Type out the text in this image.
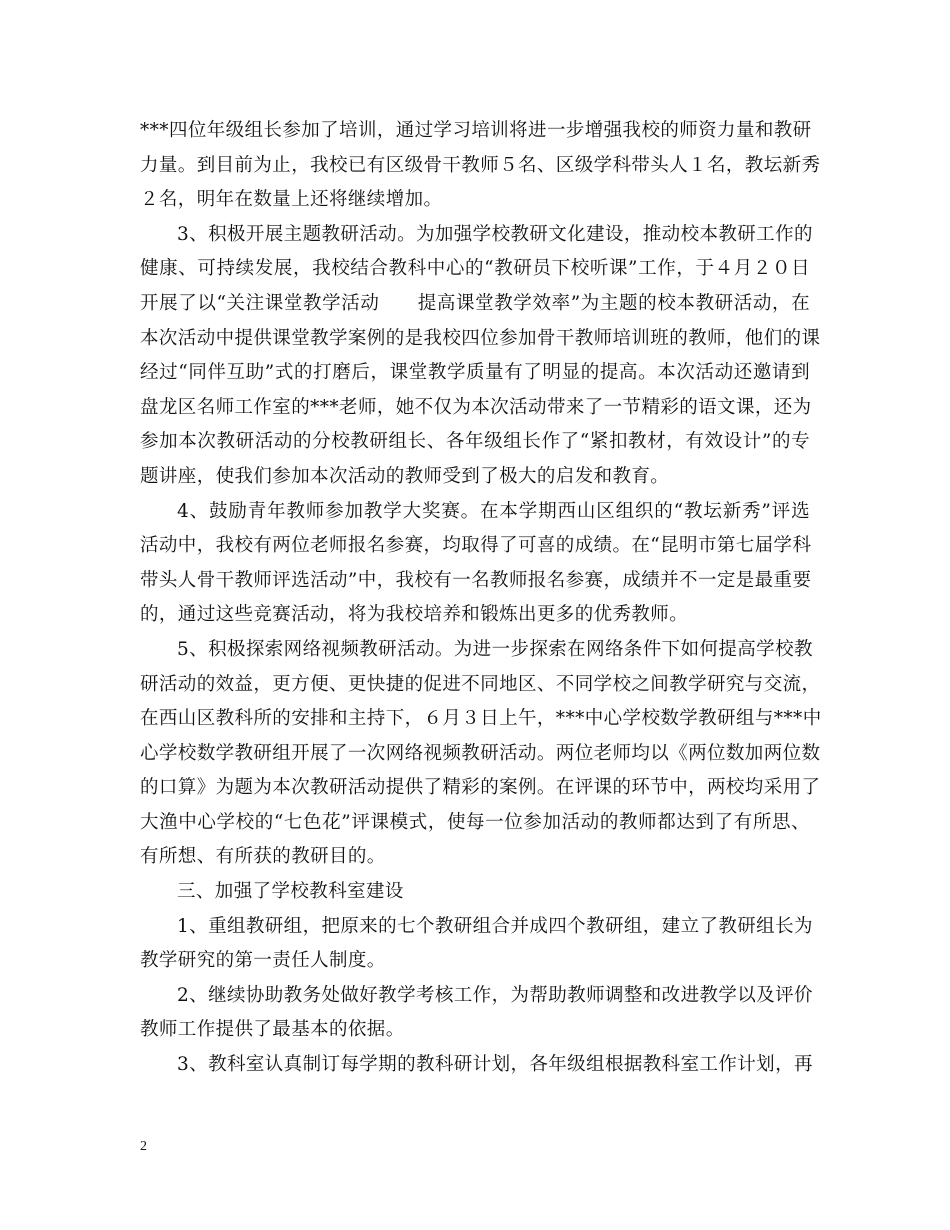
***四位年级组长参加了培训，通过学习培训将进一步增强我校的师资力量和教研
力量。到目前为止，我校已有区级骨干教师５名、区级学科带头人１名，教坛新秀
２名，明年在数量上还将继续增加。
3、积极开展主题教研活动。为加强学校教研文化建设，推动校本教研工作的
健康、可持续发展，我校结合教科中心的“教研员下校听课”工作，于４月２０日
开展了以“关注课堂教学活动　　提高课堂教学效率”为主题的校本教研活动，在
本次活动中提供课堂教学案例的是我校四位参加骨干教师培训班的教师，他们的课
经过“同伴互助”式的打磨后，课堂教学质量有了明显的提高。本次活动还邀请到
盘龙区名师工作室的***老师，她不仅为本次活动带来了一节精彩的语文课，还为
参加本次教研活动的分校教研组长、各年级组长作了“紧扣教材，有效设计”的专
题讲座，使我们参加本次活动的教师受到了极大的启发和教育。
4、鼓励青年教师参加教学大奖赛。在本学期西山区组织的“教坛新秀”评选
活动中，我校有两位老师报名参赛，均取得了可喜的成绩。在“昆明市第七届学科
带头人骨干教师评选活动”中，我校有一名教师报名参赛，成绩并不一定是最重要
的，通过这些竞赛活动，将为我校培养和锻炼出更多的优秀教师。
5、积极探索网络视频教研活动。为进一步探索在网络条件下如何提高学校教
研活动的效益，更方便、更快捷的促进不同地区、不同学校之间教学研究与交流，
在西山区教科所的安排和主持下，６月３日上午，***中心学校数学教研组与***中
心学校数学教研组开展了一次网络视频教研活动。两位老师均以《两位数加两位数
的口算》为题为本次教研活动提供了精彩的案例。在评课的环节中，两校均采用了
大渔中心学校的“七色花”评课模式，使每一位参加活动的教师都达到了有所思、
有所想、有所获的教研目的。
三、加强了学校教科室建设
1、重组教研组，把原来的七个教研组合并成四个教研组，建立了教研组长为
教学研究的第一责任人制度。
2、继续协助教务处做好教学考核工作，为帮助教师调整和改进教学以及评价
教师工作提供了最基本的依据。
3、教科室认真制订每学期的教科研计划，各年级组根据教科室工作计划，再
2
